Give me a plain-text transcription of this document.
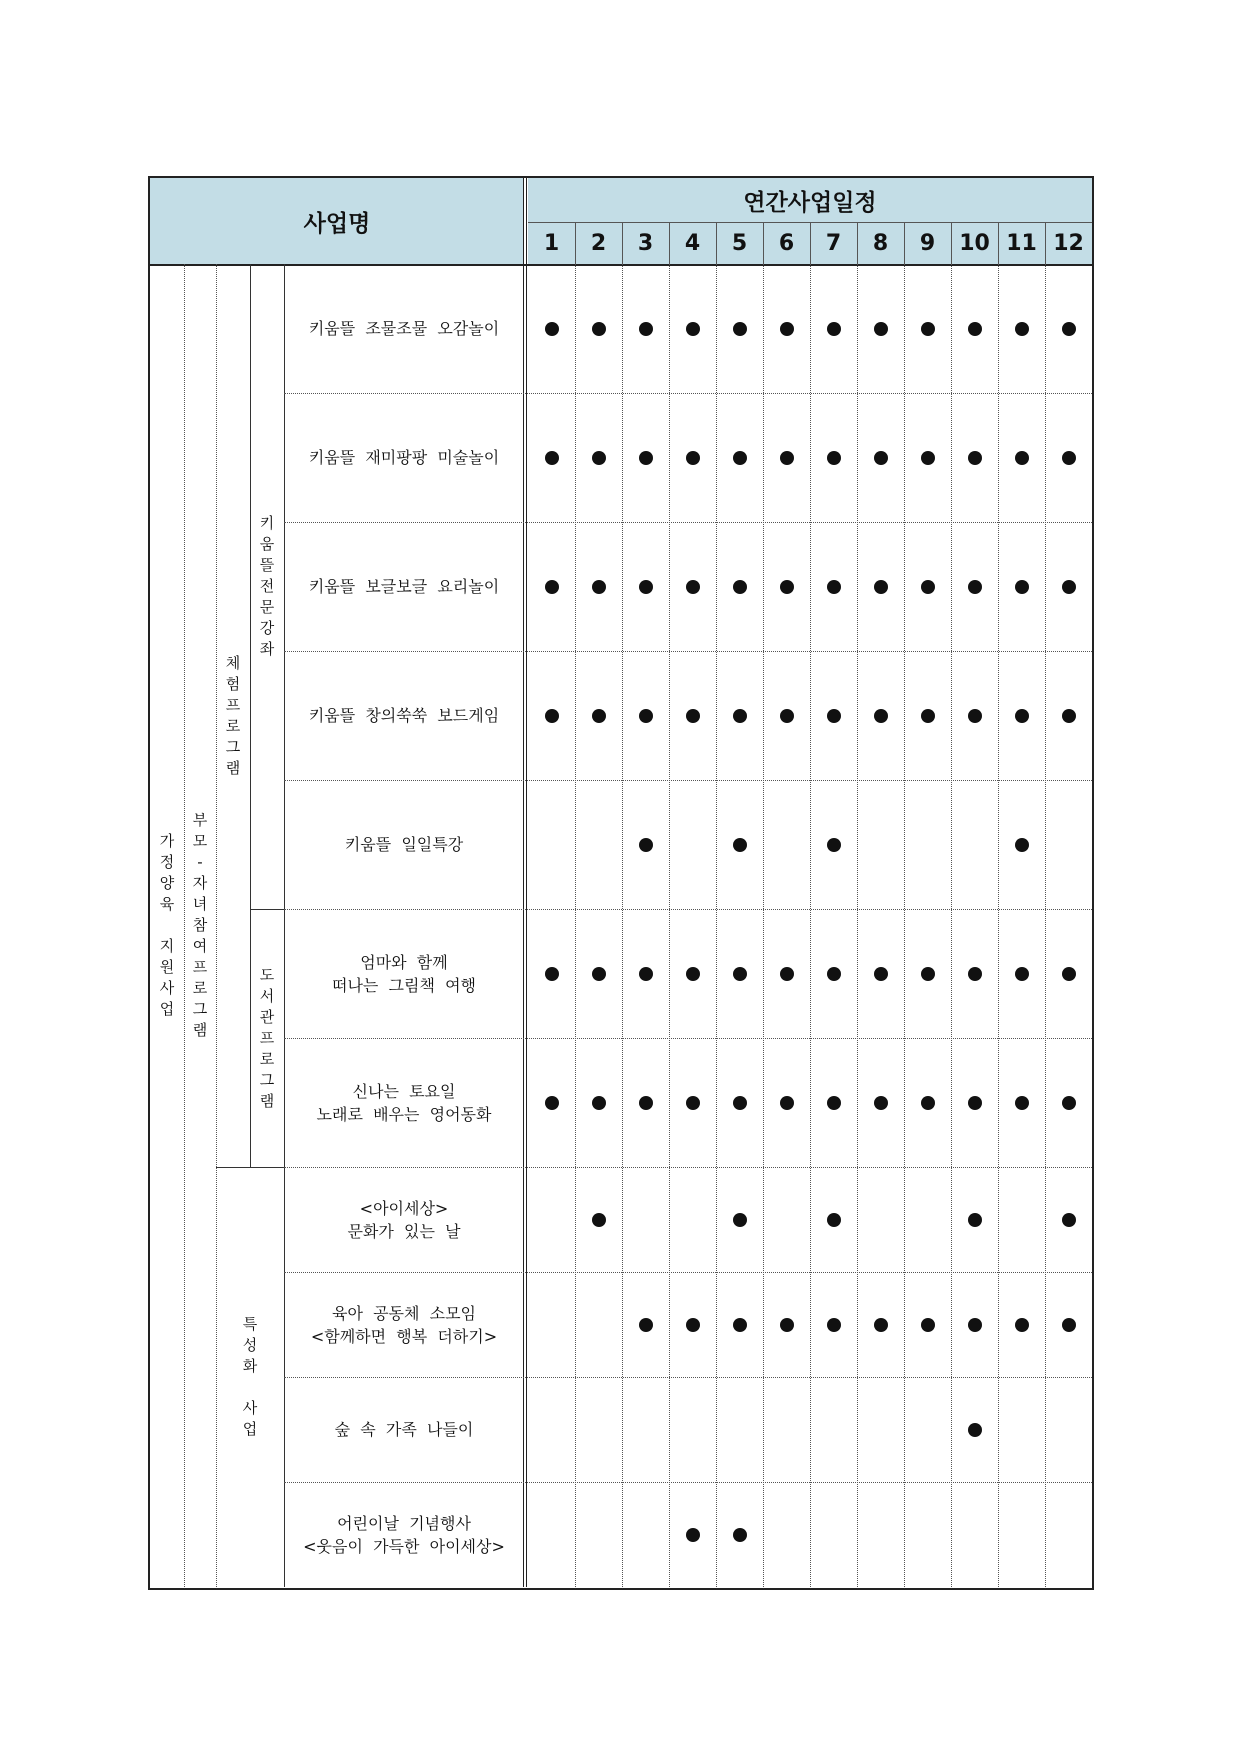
사업명
연간사업일정
1 2 3 4 5 6 7 8 9 10 11 12
가
정
양
육

지
원
사
업
부
모
-
자
녀
참
여
프
로
그
램
체
험
프
로
그
램
키
움
뜰
전
문
강
좌
도
서
관
프
로
그
램
특
성
화

사
업
키움뜰  조물조물  오감놀이
키움뜰  재미팡팡  미술놀이
키움뜰  보글보글  요리놀이
키움뜰  창의쑥쑥  보드게임
키움뜰  일일특강
엄마와  함께
떠나는  그림책  여행
신나는  토요일
노래로  배우는  영어동화
<아이세상>
문화가  있는  날
육아  공동체  소모임
<함께하면  행복  더하기>
숲  속  가족  나들이
어린이날  기념행사
<웃음이  가득한  아이세상>
